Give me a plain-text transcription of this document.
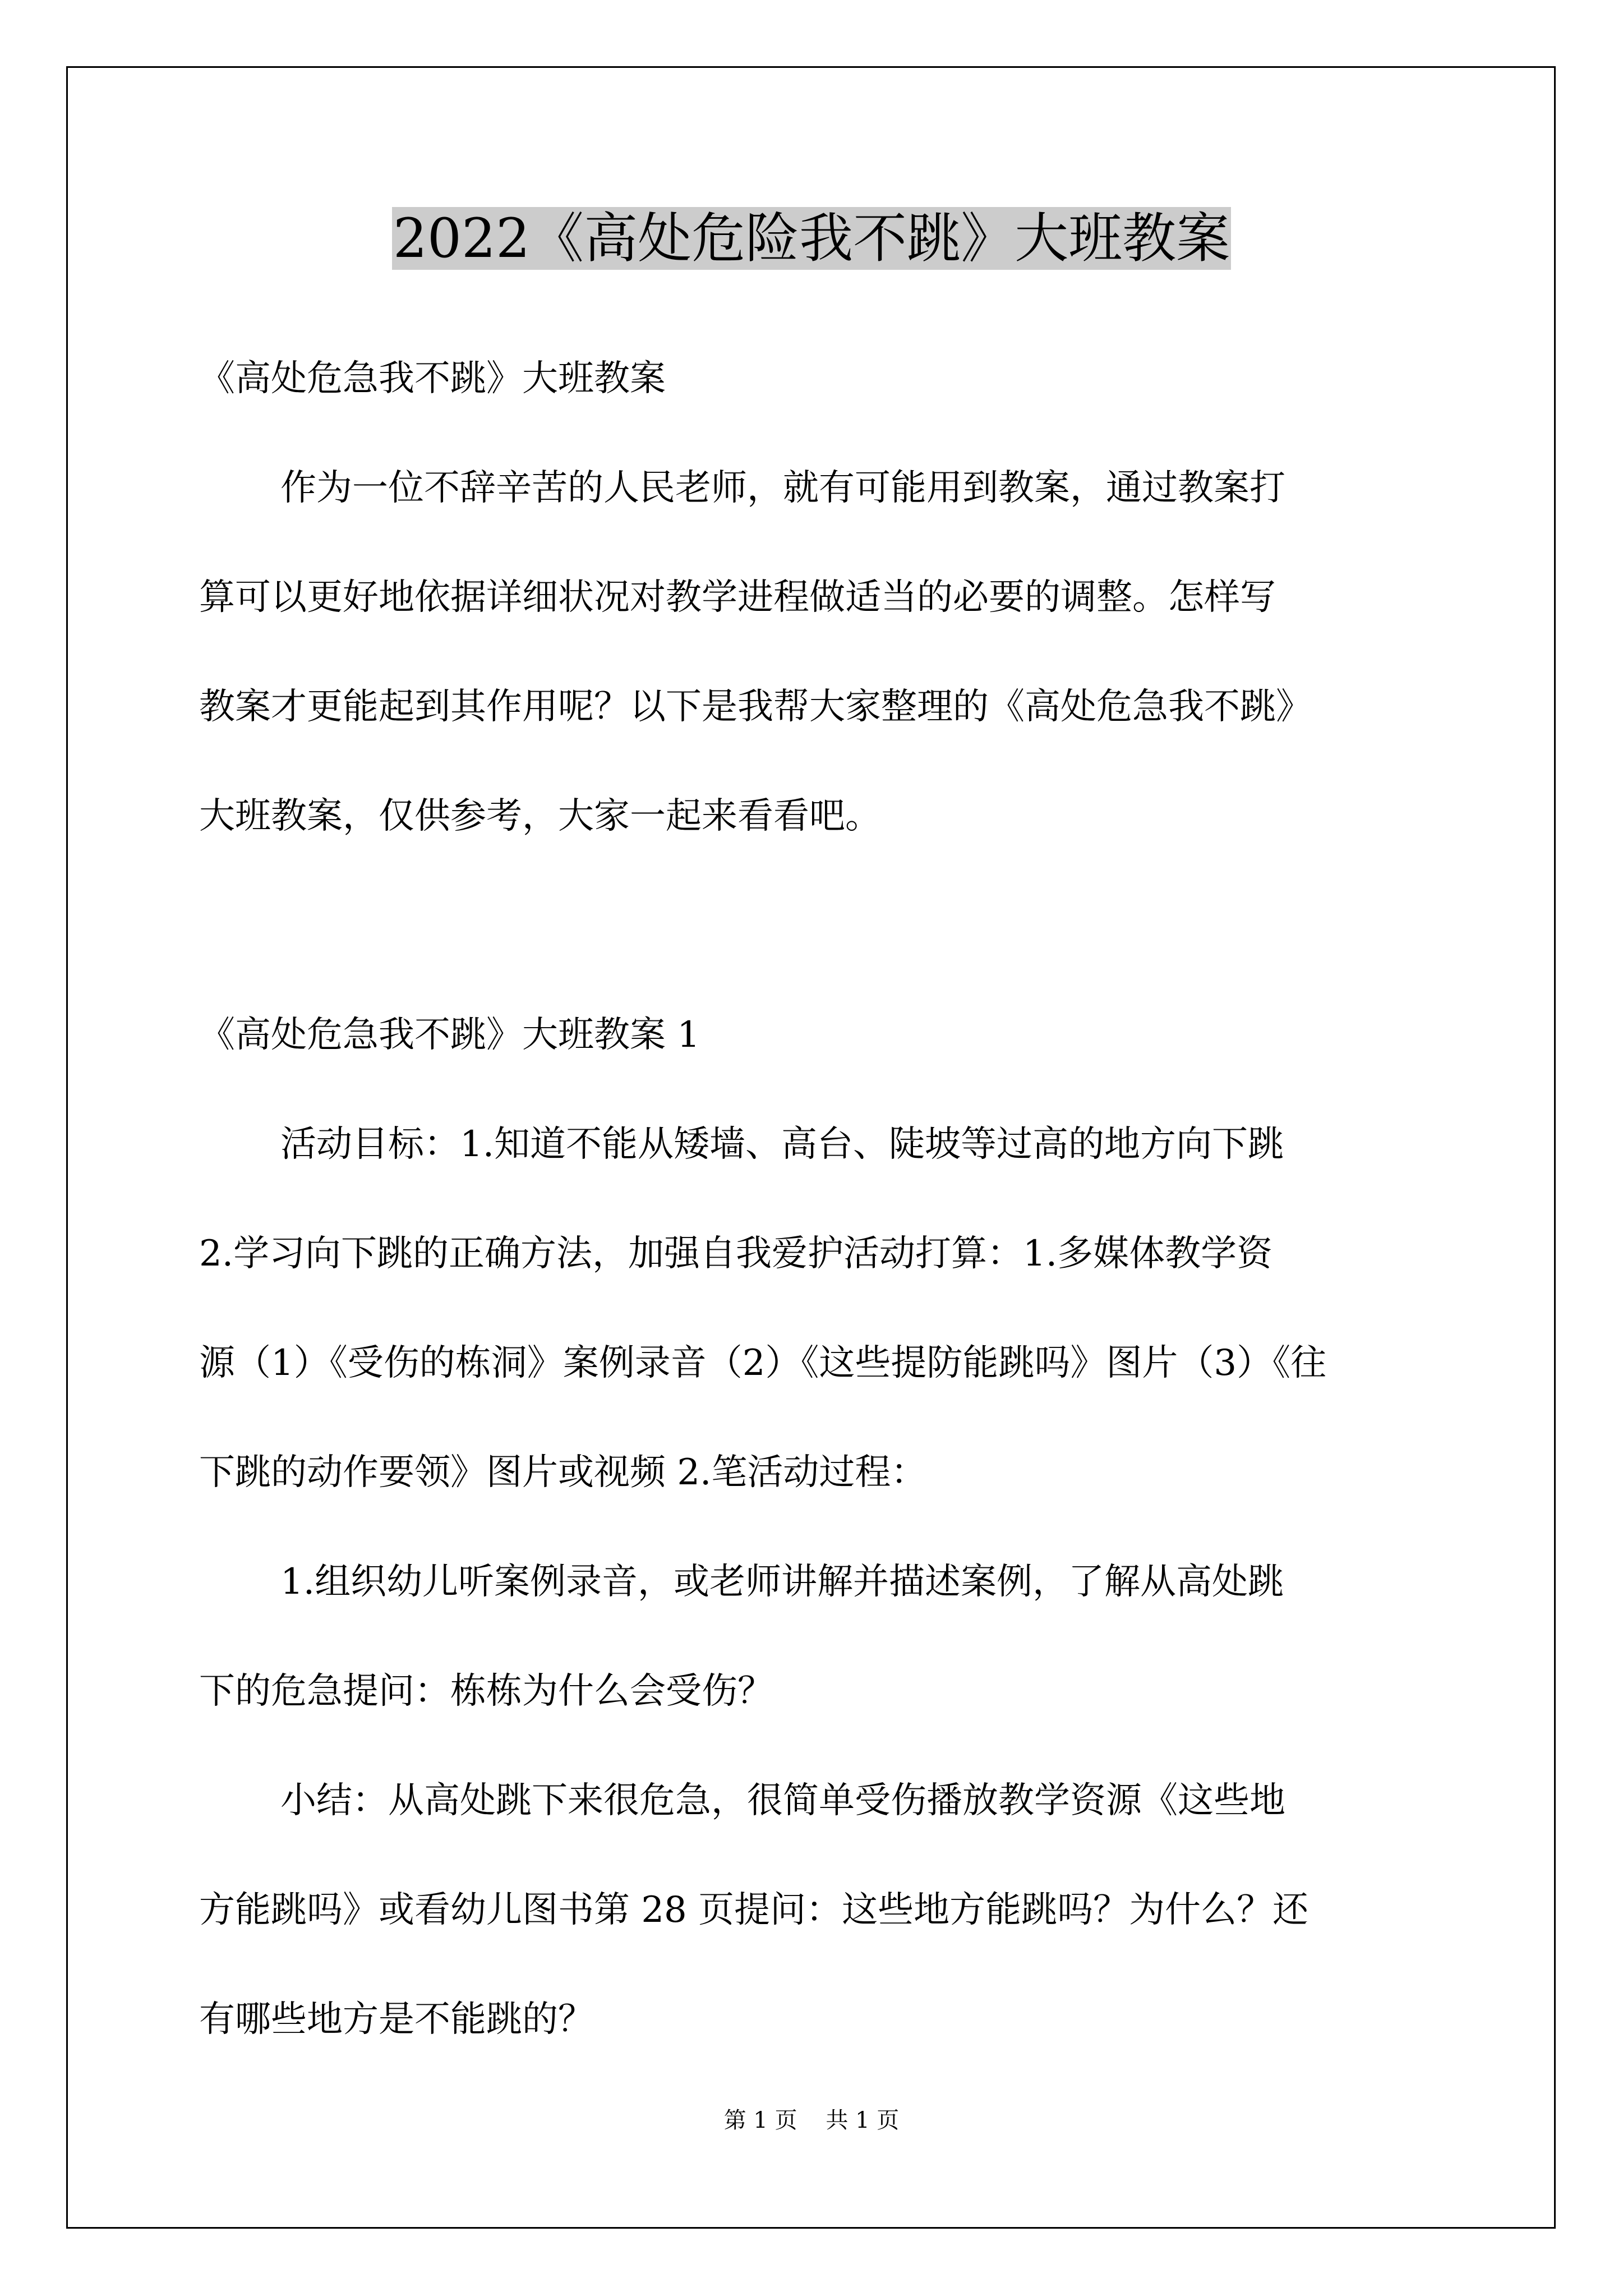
2022《高处危险我不跳》大班教案

《高处危急我不跳》大班教案

作为一位不辞辛苦的人民老师，就有可能用到教案，通过教案打

算可以更好地依据详细状况对教学进程做适当的必要的调整。怎样写

教案才更能起到其作用呢？以下是我帮大家整理的《高处危急我不跳》

大班教案，仅供参考，大家一起来看看吧。

《高处危急我不跳》大班教案 1

活动目标：1.知道不能从矮墙、高台、陡坡等过高的地方向下跳

2.学习向下跳的正确方法，加强自我爱护活动打算：1.多媒体教学资

源（1）《受伤的栋洞》案例录音（2）《这些提防能跳吗》图片（3）《往

下跳的动作要领》图片或视频 2.笔活动过程：

1.组织幼儿听案例录音，或老师讲解并描述案例，了解从高处跳

下的危急提问：栋栋为什么会受伤？

小结：从高处跳下来很危急，很简单受伤播放教学资源《这些地

方能跳吗》或看幼儿图书第 28 页提问：这些地方能跳吗？为什么？还

有哪些地方是不能跳的？

第 1 页    共 1 页
